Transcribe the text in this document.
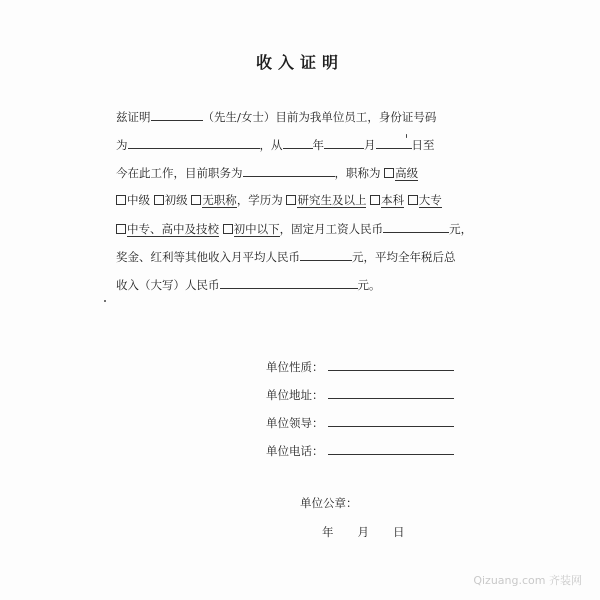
收入证明
兹证明	（先生/女士）目前为我单位员工，身份证号码
为	，从	年	月	日至
今在此工作，目前职务为	，职称为 高级
中级 初级 无职称，学历为 研究生及以上 本科 大专
中专、高中及技校 初中以下，固定月工资人民币	元，
奖金、红利等其他收入月平均人民币	元，平均全年税后总
收入（大写）人民币	元。
单位性质：
单位地址：
单位领导：
单位电话：
单位公章：
年 月 日
Qizuang.com 齐装网
